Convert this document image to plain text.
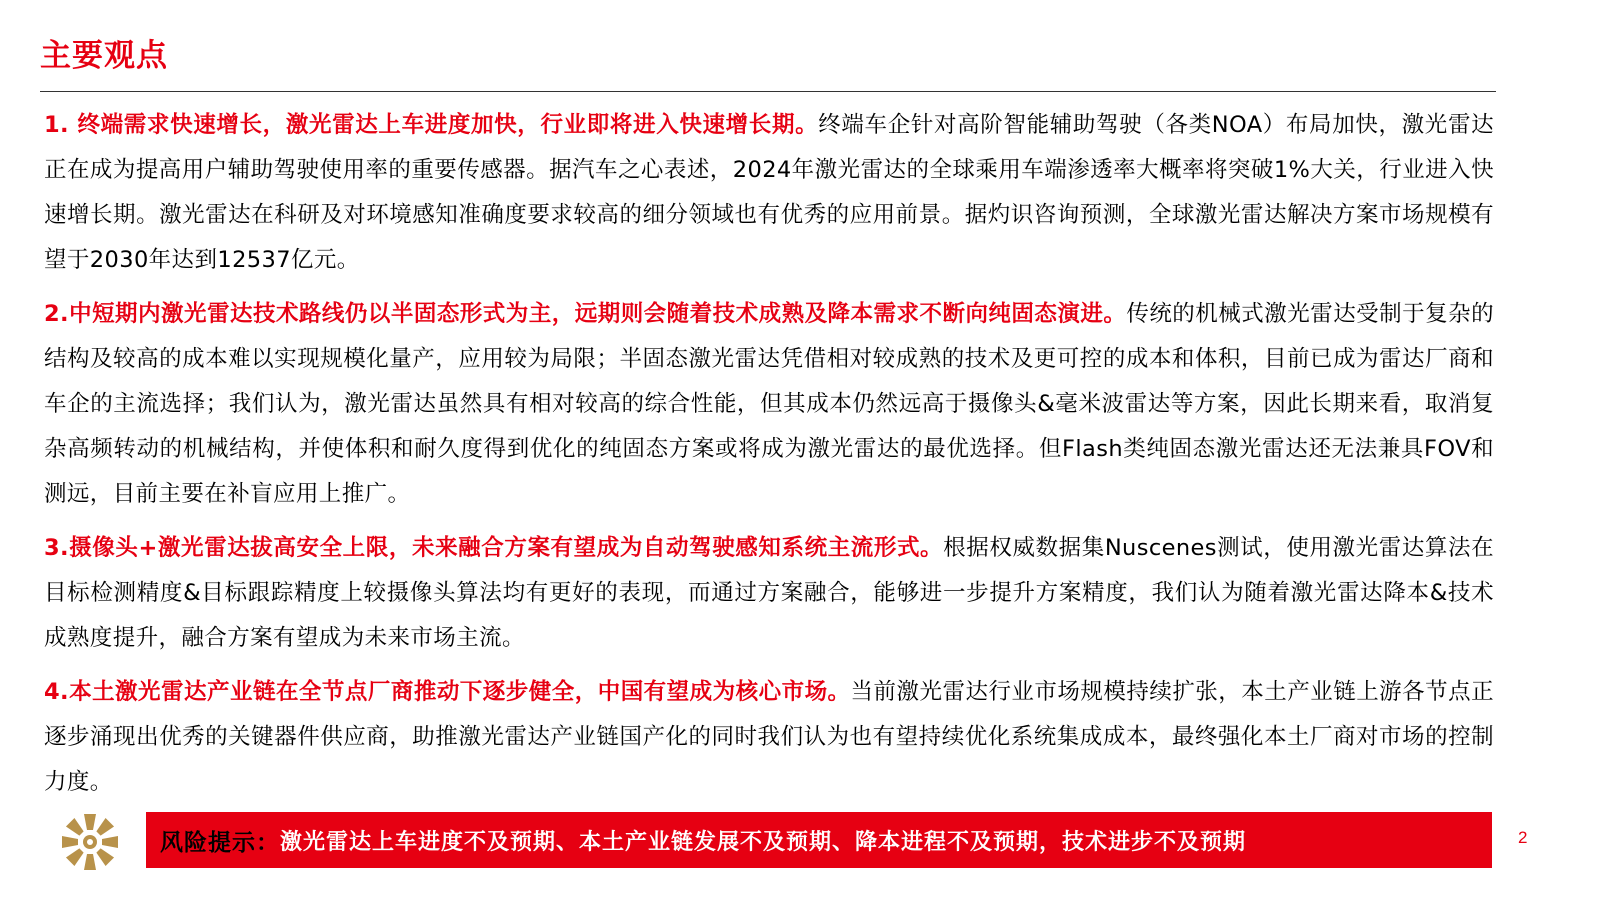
主要观点

1. 终端需求快速增长，激光雷达上车进度加快，行业即将进入快速增长期。终端车企针对高阶智能辅助驾驶（各类NOA）布局加快，激光雷达正在成为提高用户辅助驾驶使用率的重要传感器。据汽车之心表述，2024年激光雷达的全球乘用车端渗透率大概率将突破1%大关，行业进入快速增长期。激光雷达在科研及对环境感知准确度要求较高的细分领域也有优秀的应用前景。据灼识咨询预测，全球激光雷达解决方案市场规模有望于2030年达到12537亿元。

2.中短期内激光雷达技术路线仍以半固态形式为主，远期则会随着技术成熟及降本需求不断向纯固态演进。传统的机械式激光雷达受制于复杂的结构及较高的成本难以实现规模化量产，应用较为局限；半固态激光雷达凭借相对较成熟的技术及更可控的成本和体积，目前已成为雷达厂商和车企的主流选择；我们认为，激光雷达虽然具有相对较高的综合性能，但其成本仍然远高于摄像头&毫米波雷达等方案，因此长期来看，取消复杂高频转动的机械结构，并使体积和耐久度得到优化的纯固态方案或将成为激光雷达的最优选择。但Flash类纯固态激光雷达还无法兼具FOV和测远，目前主要在补盲应用上推广。

3.摄像头+激光雷达拔高安全上限，未来融合方案有望成为自动驾驶感知系统主流形式。根据权威数据集Nuscenes测试，使用激光雷达算法在目标检测精度&目标跟踪精度上较摄像头算法均有更好的表现，而通过方案融合，能够进一步提升方案精度，我们认为随着激光雷达降本&技术成熟度提升，融合方案有望成为未来市场主流。

4.本土激光雷达产业链在全节点厂商推动下逐步健全，中国有望成为核心市场。当前激光雷达行业市场规模持续扩张，本土产业链上游各节点正逐步涌现出优秀的关键器件供应商，助推激光雷达产业链国产化的同时我们认为也有望持续优化系统集成成本，最终强化本土厂商对市场的控制力度。

风险提示： 激光雷达上车进度不及预期、本土产业链发展不及预期、降本进程不及预期，技术进步不及预期	2
